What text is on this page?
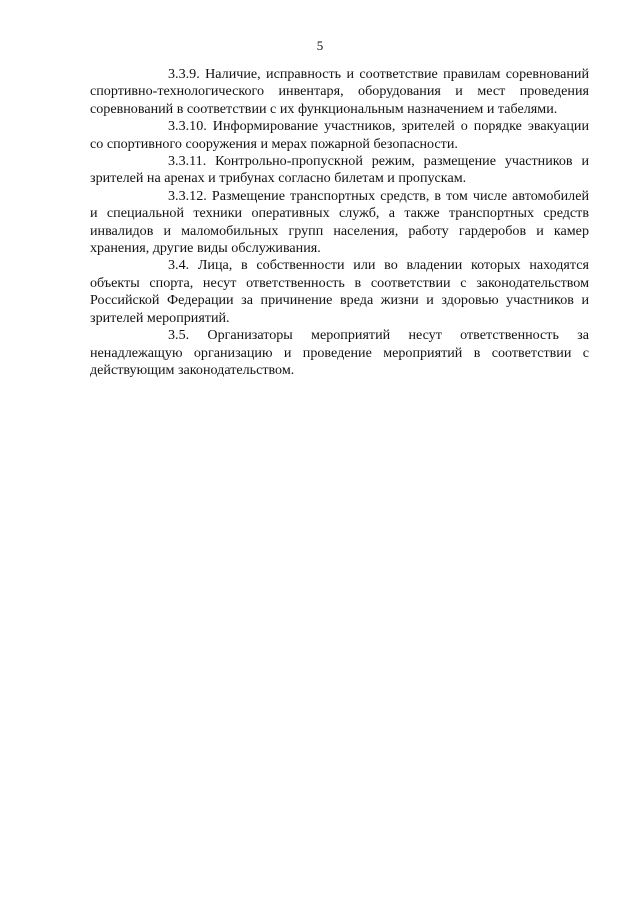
5

3.3.9. Наличие, исправность и соответствие правилам соревнований спортивно-технологического инвентаря, оборудования и мест проведения соревнований в соответствии с их функциональным назначением и табелями.

3.3.10. Информирование участников, зрителей о порядке эвакуации со спортивного сооружения и мерах пожарной безопасности.

3.3.11. Контрольно-пропускной режим, размещение участников и зрителей на аренах и трибунах согласно билетам и пропускам.

3.3.12. Размещение транспортных средств, в том числе автомобилей и специальной техники оперативных служб, а также транспортных средств инвалидов и маломобильных групп населения, работу гардеробов и камер хранения, другие виды обслуживания.

3.4. Лица, в собственности или во владении которых находятся объекты спорта, несут ответственность в соответствии с законодательством Российской Федерации за причинение вреда жизни и здоровью участников и зрителей мероприятий.

3.5. Организаторы мероприятий несут ответственность за ненадлежащую организацию и проведение мероприятий в соответствии с действующим законодательством.
